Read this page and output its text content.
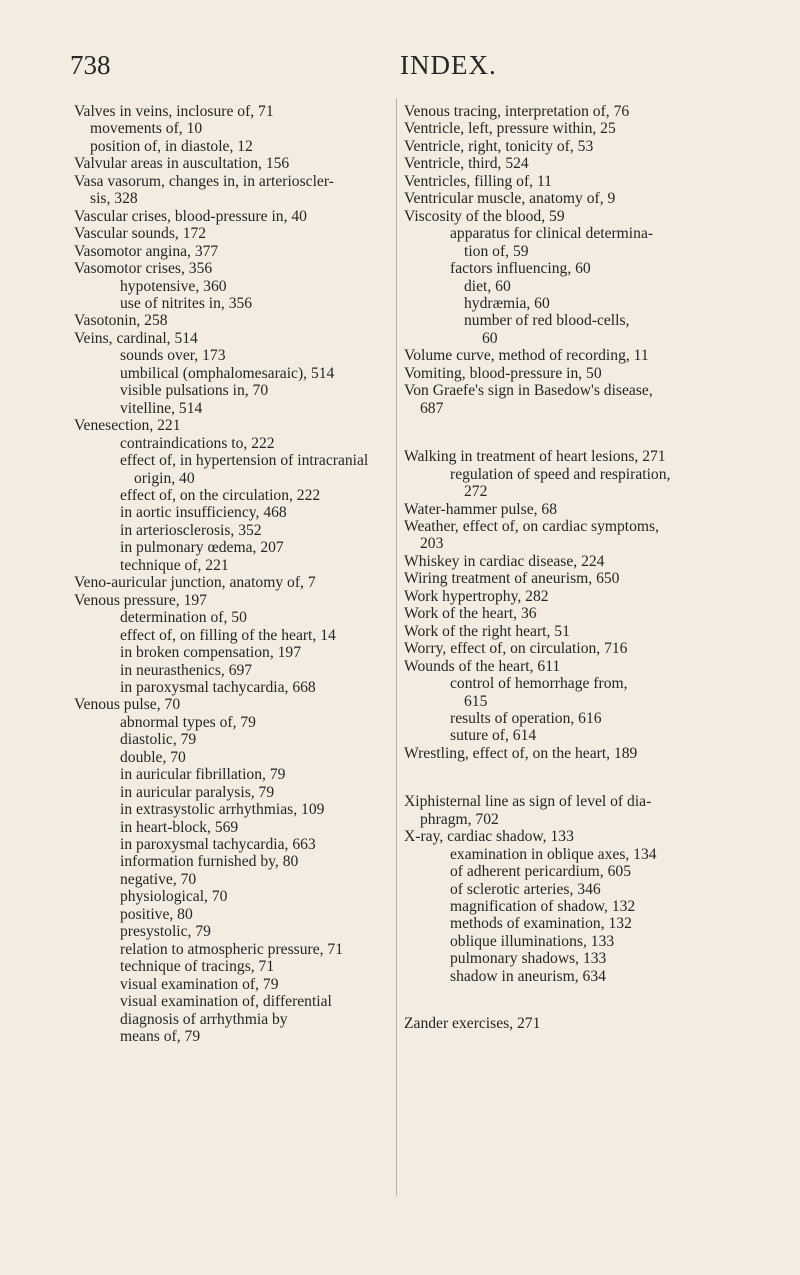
738	INDEX.
Valves in veins, inclosure of, 71
movements of, 10
position of, in diastole, 12
Valvular areas in auscultation, 156
Vasa vasorum, changes in, in arterioscler-
sis, 328
Vascular crises, blood-pressure in, 40
Vascular sounds, 172
Vasomotor angina, 377
Vasomotor crises, 356
hypotensive, 360
use of nitrites in, 356
Vasotonin, 258
Veins, cardinal, 514
sounds over, 173
umbilical (omphalomesaraic), 514
visible pulsations in, 70
vitelline, 514
Venesection, 221
contraindications to, 222
effect of, in hypertension of intracranial
origin, 40
effect of, on the circulation, 222
in aortic insufficiency, 468
in arteriosclerosis, 352
in pulmonary œdema, 207
technique of, 221
Veno-auricular junction, anatomy of, 7
Venous pressure, 197
determination of, 50
effect of, on filling of the heart, 14
in broken compensation, 197
in neurasthenics, 697
in paroxysmal tachycardia, 668
Venous pulse, 70
abnormal types of, 79
diastolic, 79
double, 70
in auricular fibrillation, 79
in auricular paralysis, 79
in extrasystolic arrhythmias, 109
in heart-block, 569
in paroxysmal tachycardia, 663
information furnished by, 80
negative, 70
physiological, 70
positive, 80
presystolic, 79
relation to atmospheric pressure, 71
technique of tracings, 71
visual examination of, 79
visual examination of, differential
diagnosis of arrhythmia by
means of, 79
Venous tracing, interpretation of, 76
Ventricle, left, pressure within, 25
Ventricle, right, tonicity of, 53
Ventricle, third, 524
Ventricles, filling of, 11
Ventricular muscle, anatomy of, 9
Viscosity of the blood, 59
apparatus for clinical determina-
tion of, 59
factors influencing, 60
diet, 60
hydræmia, 60
number of red blood-cells,
60
Volume curve, method of recording, 11
Vomiting, blood-pressure in, 50
Von Graefe's sign in Basedow's disease,
687
Walking in treatment of heart lesions, 271
regulation of speed and respiration,
272
Water-hammer pulse, 68
Weather, effect of, on cardiac symptoms,
203
Whiskey in cardiac disease, 224
Wiring treatment of aneurism, 650
Work hypertrophy, 282
Work of the heart, 36
Work of the right heart, 51
Worry, effect of, on circulation, 716
Wounds of the heart, 611
control of hemorrhage from,
615
results of operation, 616
suture of, 614
Wrestling, effect of, on the heart, 189
Xiphisternal line as sign of level of dia-
phragm, 702
X-ray, cardiac shadow, 133
examination in oblique axes, 134
of adherent pericardium, 605
of sclerotic arteries, 346
magnification of shadow, 132
methods of examination, 132
oblique illuminations, 133
pulmonary shadows, 133
shadow in aneurism, 634
Zander exercises, 271
